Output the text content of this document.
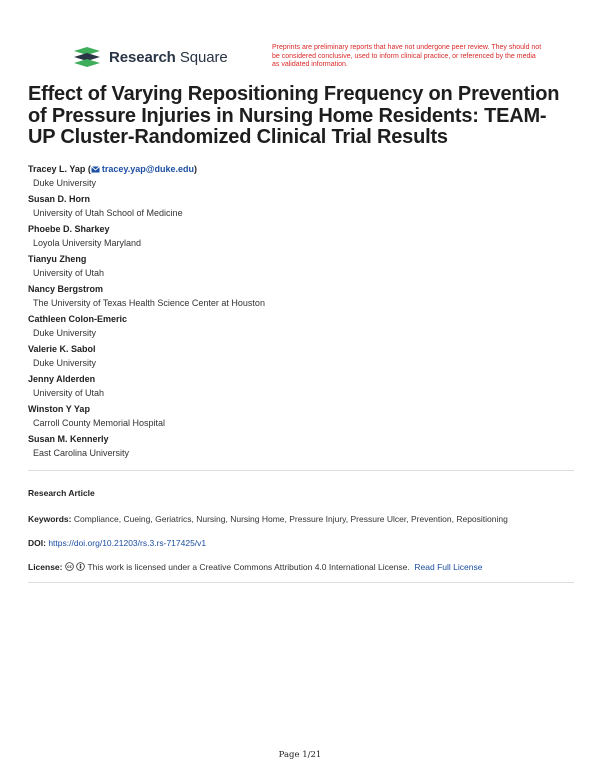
Research Square
Preprints are preliminary reports that have not undergone peer review. They should not be considered conclusive, used to inform clinical practice, or referenced by the media as validated information.
Effect of Varying Repositioning Frequency on Prevention of Pressure Injuries in Nursing Home Residents: TEAM-UP Cluster-Randomized Clinical Trial Results
Tracey L. Yap ( tracey.yap@duke.edu)
Duke University
Susan D. Horn
University of Utah School of Medicine
Phoebe D. Sharkey
Loyola University Maryland
Tianyu Zheng
University of Utah
Nancy Bergstrom
The University of Texas Health Science Center at Houston
Cathleen Colon-Emeric
Duke University
Valerie K. Sabol
Duke University
Jenny Alderden
University of Utah
Winston Y Yap
Carroll County Memorial Hospital
Susan M. Kennerly
East Carolina University
Research Article
Keywords: Compliance, Cueing, Geriatrics, Nursing, Nursing Home, Pressure Injury, Pressure Ulcer, Prevention, Repositioning
DOI: https://doi.org/10.21203/rs.3.rs-717425/v1
License: cc This work is licensed under a Creative Commons Attribution 4.0 International License. Read Full License
Page 1/21
